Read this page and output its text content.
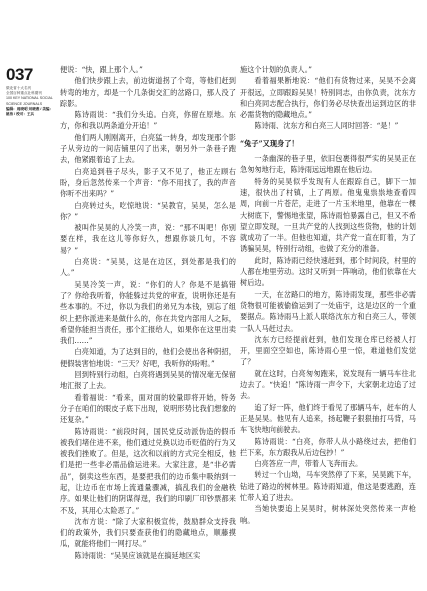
037
微北省十大名刊
全国百种重点社科期刊
100 KEY NATIONAL SOCIAL
SCIENCE JOURNALS
编辑：周晓明 刘晓燕 / 美编：姚伟 / 校对：王兵

便说：“快，跟上那个人。”

他们快步跟上去，前边街道拐了个弯，等他们赶到转弯的地方，却是一个几条街交汇的岔路口，那人没了踪影。

陈诗雨说：“我们分头追。白亮，你留在原地。东方，你和我以两条道分开追！”

他们两人刚刚离开，白亮猛一转身，却发现那个影子从旁边的一间店铺里闪了出来，朝另外一条巷子跑去，他紧跟着追了上去。

白亮追到巷子尽头，影子又不见了，他正左顾右盼，身后忽然传来一个声音：“你不用找了，我的声音你听不出来吗？”

白亮转过头，吃惊地说：“吴教官，吴昊，怎么是你？”

被叫作吴昊的人冷笑一声，说：“那不叫吧！你别要在样，我在这儿等你好久，想跟你谈几句，不容易？”

白亮说：“吴昊，这是在边区，到处都是我们的人。”

吴昊冷笑一声，说：“你们的人？你是不是搞错了？你给我听着，你能躲过共党的审查，说明你还是有些本事的。不过，你以为我们的弟兄为本钱，别忘了组织上把你派进来是做什么的，你在共党内部用人之际，希望你能担当责任，那个汇报给人，如果你在这里出卖我们……”

白亮知道，为了达到目的，他们会使出各种阴招，便假装害怕地说：“三天？好吧，我听你的吩咐。”

回到特别行动组，白亮将遇到吴昊的情况毫无保留地汇报了上去。

看着福说：“看来，面对面的较量即将开始，特务分子在咱们的眼皮子底下出现，说明形势比我们想象的还复杂。”

陈诗雨说：“前段时间，国民党反动派伪造的假币被我们堵住进不来，他们通过兑换以边币贬值的行为又被我们挫败了。但是，这次和以前的方式完全相反，他们是把一些非必需品偷运进来。大家注意，是“非必需品”，倒卖这些东西，是要把我们的边币集中吸纳到一起，让边币在市场上流通量骤减，搞乱我们的金融秩序。如果让他们的阴谋得逞，我们的印刷厂印钞票都来不及，其用心太险恶了。”

沈布方说：“除了大家积极宣传，鼓励群众支持我们的政策外，我们只要查获他们的隐藏地点，顺藤摸瓜，就能将他们一网打尽。”

陈诗雨说：“吴昊应该就是在搞延地区实

施这个计划的负责人。”

看着福果断地说：“他们有货物过来，吴昊不会离开很远，立即跟踪吴昊！特别同志，由你负责，沈东方和白亮同志配合执行，你们务必尽快查出运到边区的非必需货物的隐藏地点。”

陈诗雨、沈东方和白亮三人同时回答：“是！”

“兔子”又现身了！

一条幽深的巷子里，依旧包裹得很严实的吴昊正在急匆匆地行走，陈诗雨远远地跟在他后边。

特务的吴昊似乎发现有人在跟踪自己，脚下一加速，很快出了村镇，上了两原。他鬼鬼祟祟地查看四周，向前一片苍茫，走进了一片玉米地里，他靠在一棵大树底下，警惕地张望，陈诗雨怕暴露自己，但又不希望立即发现，一旦共产党的人找到这些货物，他的计划就成功了一半。但他也知道，共产党一直在盯着，为了诱骗吴昊，特别行动组，也做了充分的准备。

此时，陈诗雨已经快速赶到，那个时间段，村里的人都在地里劳动。这时又听到一阵响动，他们依靠在大树后边。

一天，在岔路口的地方，陈诗雨发现，那些非必需货物很可能被偷偷运到了一处庙宇，这是边区的一个重要据点。陈诗雨马上派人联络沈东方和白亮三人，带领一队人马赶过去。

沈东方已经提前赶到，他们发现仓库已经被人打开，里面空空如也，陈诗雨心里一惊，难道他们发觉了？

就在这时，白亮匆匆跑来，说发现有一辆马车往北边去了。“快追！”陈诗雨一声令下，大家朝北边追了过去。

追了好一阵，他们终于看见了那辆马车，赶车的人正是吴昊。他见有人追来，扬起鞭子狠狠抽打马背，马车飞快地向前驶去。

陈诗雨说：“白亮，你带人从小路绕过去，把他们拦下来，东方跟我从后边包抄！”

白亮答应一声，带着人飞奔而去。

转过一个山坳，马车突然停了下来，吴昊跳下车，钻进了路边的树林里。陈诗雨知道，他这是要逃跑，连忙带人追了进去。

当她快要追上吴昊时，树林深处突然传来一声枪响。
